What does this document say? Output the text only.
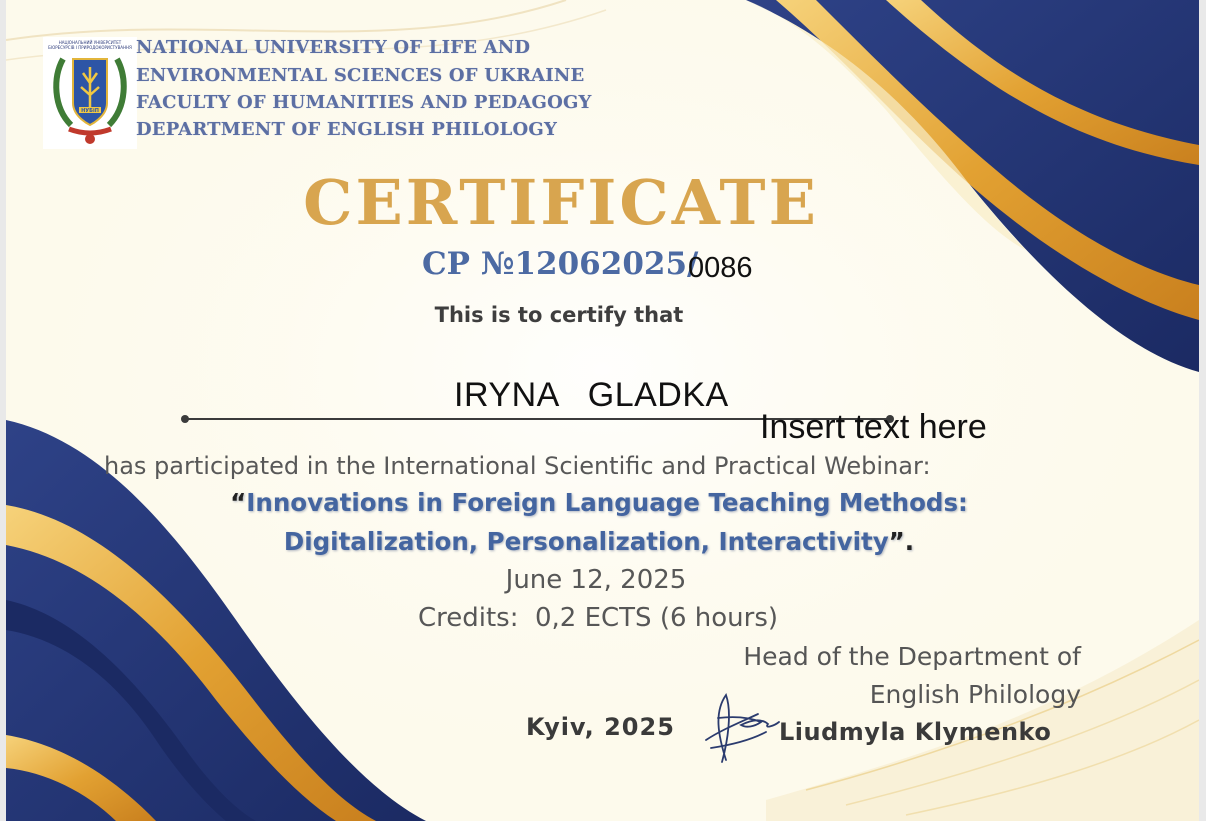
НАЦІОНАЛЬНИЙ УНІВЕРСИТЕТ
БІОРЕСУРСІВ І ПРИРОДОКОРИСТУВАННЯ
НУБіП
NATIONAL UNIVERSITY OF LIFE AND
ENVIRONMENTAL SCIENCES OF UKRAINE
FACULTY OF HUMANITIES AND PEDAGOGY
DEPARTMENT OF ENGLISH PHILOLOGY
CERTIFICATE
CP №12062025/
0086
This is to certify that
IRYNA   GLADKA
Insert text here
has participated in the International Scientific and Practical Webinar:
“Innovations in Foreign Language Teaching Methods:
Digitalization, Personalization, Interactivity”.
June 12, 2025
Credits:  0,2 ECTS (6 hours)
Head of the Department of
English Philology
Kyiv, 2025	Liudmyla Klymenko
